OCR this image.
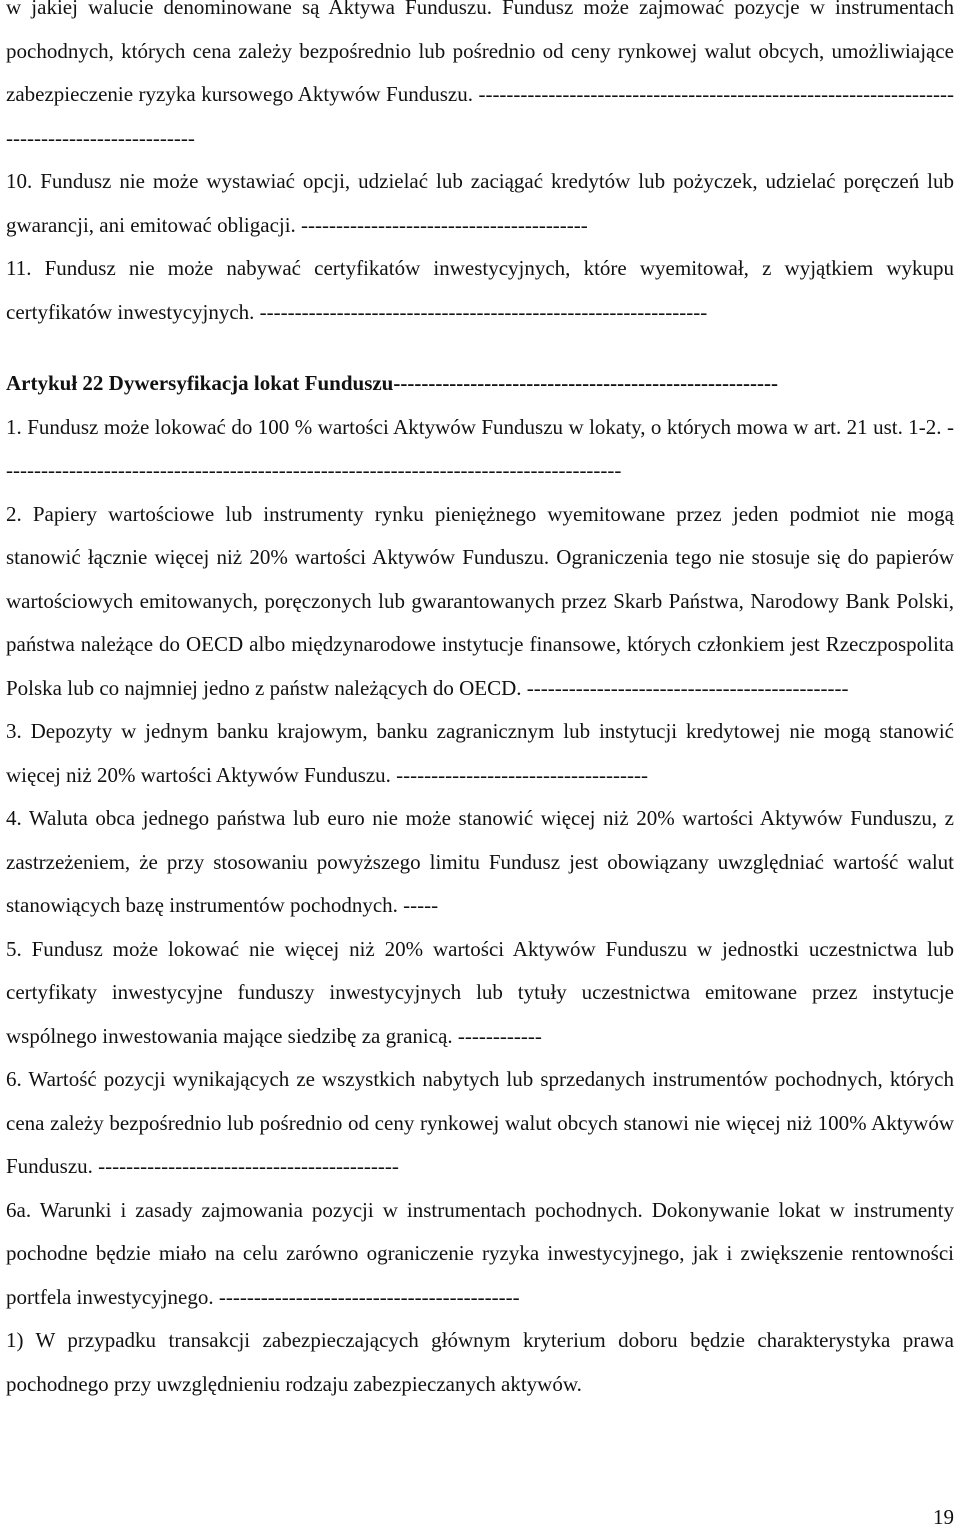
w jakiej walucie denominowane są Aktywa Funduszu. Fundusz może zajmować pozycje w instrumentach pochodnych, których cena zależy bezpośrednio lub pośrednio od ceny rynkowej walut obcych, umożliwiające zabezpieczenie ryzyka kursowego Aktywów Funduszu. -----------------------------------------------------------------------------------------------

10. Fundusz nie może wystawiać opcji, udzielać lub zaciągać kredytów lub pożyczek, udzielać poręczeń lub gwarancji, ani emitować obligacji. -----------------------------------------

11. Fundusz nie może nabywać certyfikatów inwestycyjnych, które wyemitował, z wyjątkiem wykupu certyfikatów inwestycyjnych. ----------------------------------------------------------------

Artykuł 22 Dywersyfikacja lokat Funduszu-------------------------------------------------------

1. Fundusz może lokować do 100 % wartości Aktywów Funduszu w lokaty, o których mowa w art. 21 ust. 1-2. -----------------------------------------------------------------------------------------

2. Papiery wartościowe lub instrumenty rynku pieniężnego wyemitowane przez jeden podmiot nie mogą stanowić łącznie więcej niż 20% wartości Aktywów Funduszu. Ograniczenia tego nie stosuje się do papierów wartościowych emitowanych, poręczonych lub gwarantowanych przez Skarb Państwa, Narodowy Bank Polski, państwa należące do OECD albo międzynarodowe instytucje finansowe, których członkiem jest Rzeczpospolita Polska lub co najmniej jedno z państw należących do OECD. ----------------------------------------------

3. Depozyty w jednym banku krajowym, banku zagranicznym lub instytucji kredytowej nie mogą stanowić więcej niż 20% wartości Aktywów Funduszu. ------------------------------------

4. Waluta obca jednego państwa lub euro nie może stanowić więcej niż 20% wartości Aktywów Funduszu, z zastrzeżeniem, że przy stosowaniu powyższego limitu Fundusz jest obowiązany uwzględniać wartość walut stanowiących bazę instrumentów pochodnych. -----

5. Fundusz może lokować nie więcej niż 20% wartości Aktywów Funduszu w jednostki uczestnictwa lub certyfikaty inwestycyjne funduszy inwestycyjnych lub tytuły uczestnictwa emitowane przez instytucje wspólnego inwestowania mające siedzibę za granicą. ------------

6. Wartość pozycji wynikających ze wszystkich nabytych lub sprzedanych instrumentów pochodnych, których cena zależy bezpośrednio lub pośrednio od ceny rynkowej walut obcych stanowi nie więcej niż 100% Aktywów Funduszu. -------------------------------------------

6a. Warunki i zasady zajmowania pozycji w instrumentach pochodnych. Dokonywanie lokat w instrumenty pochodne będzie miało na celu zarówno ograniczenie ryzyka inwestycyjnego, jak i zwiększenie rentowności portfela inwestycyjnego. -------------------------------------------

1) W przypadku transakcji zabezpieczających głównym kryterium doboru będzie charakterystyka prawa pochodnego przy uwzględnieniu rodzaju zabezpieczanych aktywów.

19
